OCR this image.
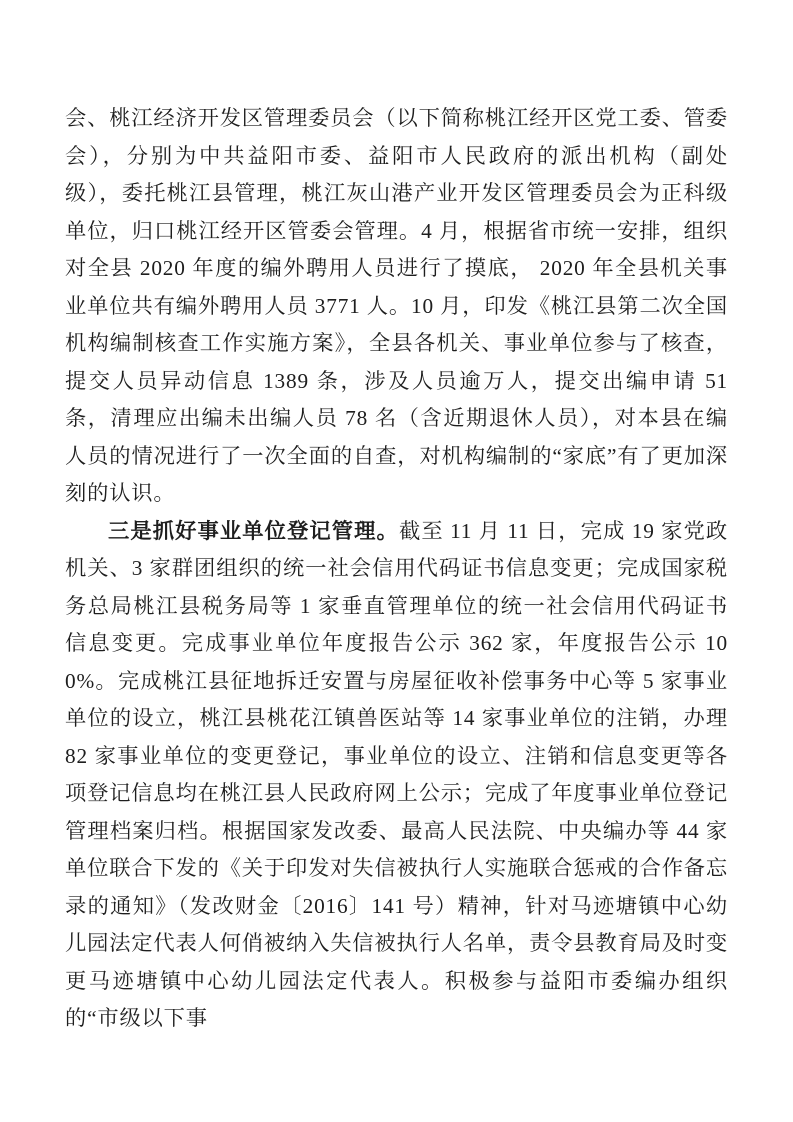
会、桃江经济开发区管理委员会（以下简称桃江经开区党工委、管委会），分别为中共益阳市委、益阳市人民政府的派出机构（副处级），委托桃江县管理，桃江灰山港产业开发区管理委员会为正科级单位，归口桃江经开区管委会管理。4 月，根据省市统一安排，组织对全县 2020 年度的编外聘用人员进行了摸底， 2020 年全县机关事业单位共有编外聘用人员 3771 人。10 月，印发《桃江县第二次全国机构编制核查工作实施方案》，全县各机关、事业单位参与了核查，提交人员异动信息 1389 条，涉及人员逾万人，提交出编申请 51 条，清理应出编未出编人员 78 名（含近期退休人员），对本县在编人员的情况进行了一次全面的自查，对机构编制的“家底”有了更加深刻的认识。

三是抓好事业单位登记管理。截至 11 月 11 日，完成 19 家党政机关、3 家群团组织的统一社会信用代码证书信息变更；完成国家税务总局桃江县税务局等 1 家垂直管理单位的统一社会信用代码证书信息变更。完成事业单位年度报告公示 362 家，年度报告公示 100%。完成桃江县征地拆迁安置与房屋征收补偿事务中心等 5 家事业单位的设立，桃江县桃花江镇兽医站等 14 家事业单位的注销，办理 82 家事业单位的变更登记，事业单位的设立、注销和信息变更等各项登记信息均在桃江县人民政府网上公示；完成了年度事业单位登记管理档案归档。根据国家发改委、最高人民法院、中央编办等 44 家单位联合下发的《关于印发对失信被执行人实施联合惩戒的合作备忘录的通知》（发改财金〔2016〕141 号）精神，针对马迹塘镇中心幼儿园法定代表人何俏被纳入失信被执行人名单，责令县教育局及时变更马迹塘镇中心幼儿园法定代表人。积极参与益阳市委编办组织的“市级以下事
